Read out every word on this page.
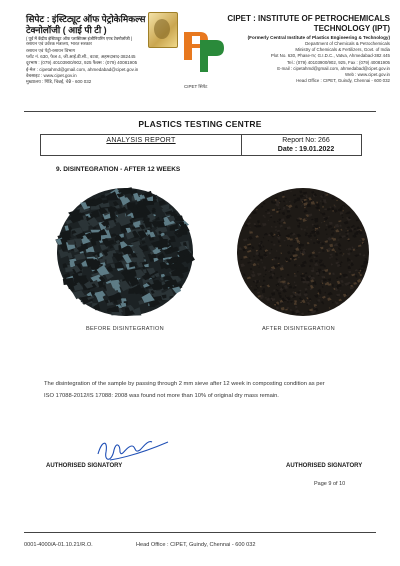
सिपेट : इंस्टिट्यूट ऑफ पेट्रोकेमिकल्स
टेक्नोलॉजी ( आई पी टी )
( पूर्व में केंद्रीय इंस्टिट्यूट ऑफ प्लास्टिक्स इंजीनियरिंग एण्ड टेक्नोलॉजी )
रसायन एवं उर्वरक मंत्रालय, भारत सरकार
रसायन एवं पेट्रो-रसायन विभाग
प्लॉट नं. 630, फेज 4, जी.आई.डी.सी., वटवा, अहमदाबाद-382445
दूरभाष : (079) 40103900/902, 925 फैक्स : (079) 40081905
ई-मेल : cipetahmd@gmail.com, ahmedabad@cipet.gov.in
वेबसाइट : www.cipet.gov.in
मुख्यालय : गिंडि, चिन्नई, चेन्नै - 600 032
CIPET सिपेट
CIPET : INSTITUTE OF PETROCHEMICALS
TECHNOLOGY (IPT)
(Formerly Central Institute of Plastics Engineering & Technology)
Department of Chemicals & Petrochemicals
Ministry of Chemicals & Fertilizers, Govt. of India
Plot No. 630, Phase-IV, G.I.D.C., Vatva, Ahmedabad-382 445
Tel.: (079) 40103900/902, 925, Fax : (079) 40081905
E-mail : cipetahmd@gmail.com, ahmedabad@cipet.gov.in
Web : www.cipet.gov.in
Head Office : CIPET, Guindy, Chennai - 600 032
PLASTICS TESTING CENTRE
ANALYSIS REPORT	Report No: 266
Date : 19.01.2022
9. DISINTEGRATION - AFTER 12 WEEKS
BEFORE DISINTEGRATION	AFTER DISINTEGRATION
The disintegration of the sample by passing through 2 mm sieve after 12 week in composting condition as per
ISO 17088-2012/IS 17088: 2008 was found not more than 10% of original dry mass remain.
AUTHORISED SIGNATORY	AUTHORISED SIGNATORY
Page 9 of 10
0001-4000/A-01.10.21/R.O.	Head Office : CIPET, Guindy, Chennai - 600 032
